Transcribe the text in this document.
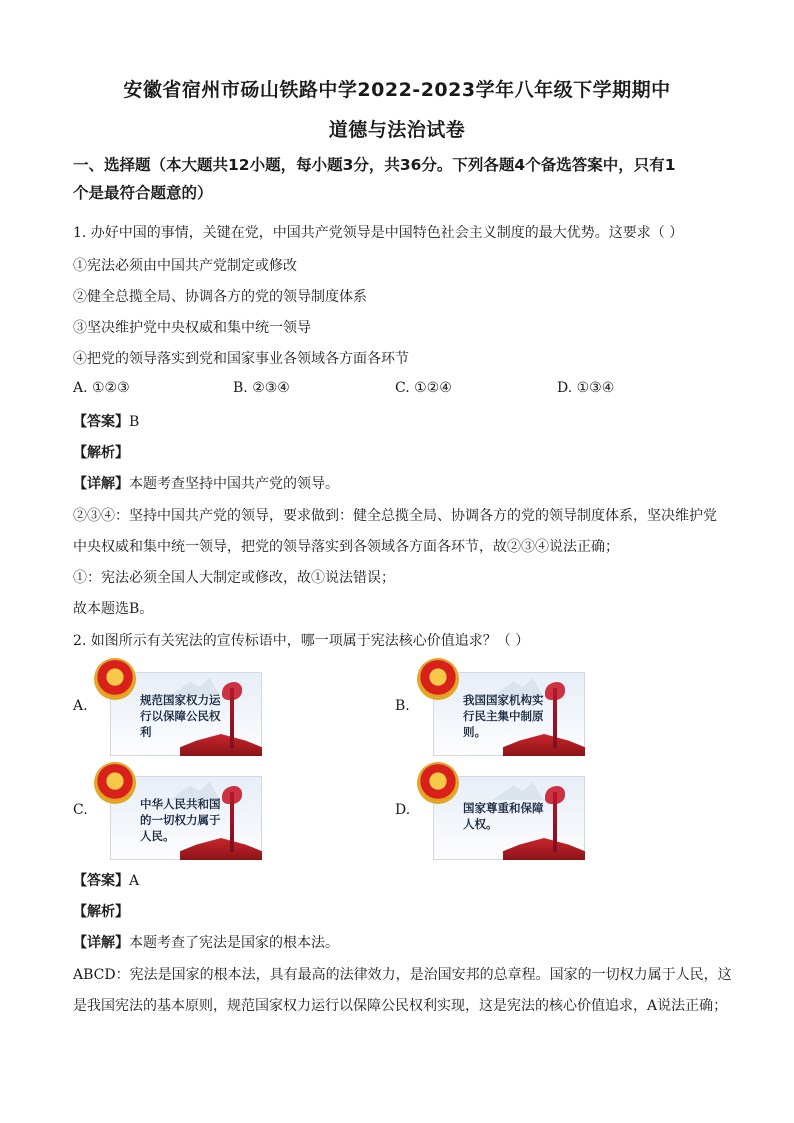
安徽省宿州市砀山铁路中学2022-2023学年八年级下学期期中
道德与法治试卷
一、选择题（本大题共12小题，每小题3分，共36分。下列各题4个备选答案中，只有1
个是最符合题意的）
1. 办好中国的事情，关键在党，中国共产党领导是中国特色社会主义制度的最大优势。这要求（ ）
①宪法必须由中国共产党制定或修改
②健全总揽全局、协调各方的党的领导制度体系
③坚决维护党中央权威和集中统一领导
④把党的领导落实到党和国家事业各领域各方面各环节
A. ①②③	B. ②③④	C. ①②④	D. ①③④
【答案】B
【解析】
【详解】本题考查坚持中国共产党的领导。
②③④：坚持中国共产党的领导，要求做到：健全总揽全局、协调各方的党的领导制度体系，坚决维护党
中央权威和集中统一领导，把党的领导落实到各领域各方面各环节，故②③④说法正确；
①：宪法必须全国人大制定或修改，故①说法错误；
故本题选B。
2. 如图所示有关宪法的宣传标语中，哪一项属于宪法核心价值追求？（ ）
A.	规范国家权力运行以保障公民权利
B.	我国国家机构实行民主集中制原则。
C.	中华人民共和国的一切权力属于人民。
D.	国家尊重和保障人权。
【答案】A
【解析】
【详解】本题考查了宪法是国家的根本法。
ABCD：宪法是国家的根本法，具有最高的法律效力，是治国安邦的总章程。国家的一切权力属于人民，这
是我国宪法的基本原则，规范国家权力运行以保障公民权利实现，这是宪法的核心价值追求，A说法正确；
